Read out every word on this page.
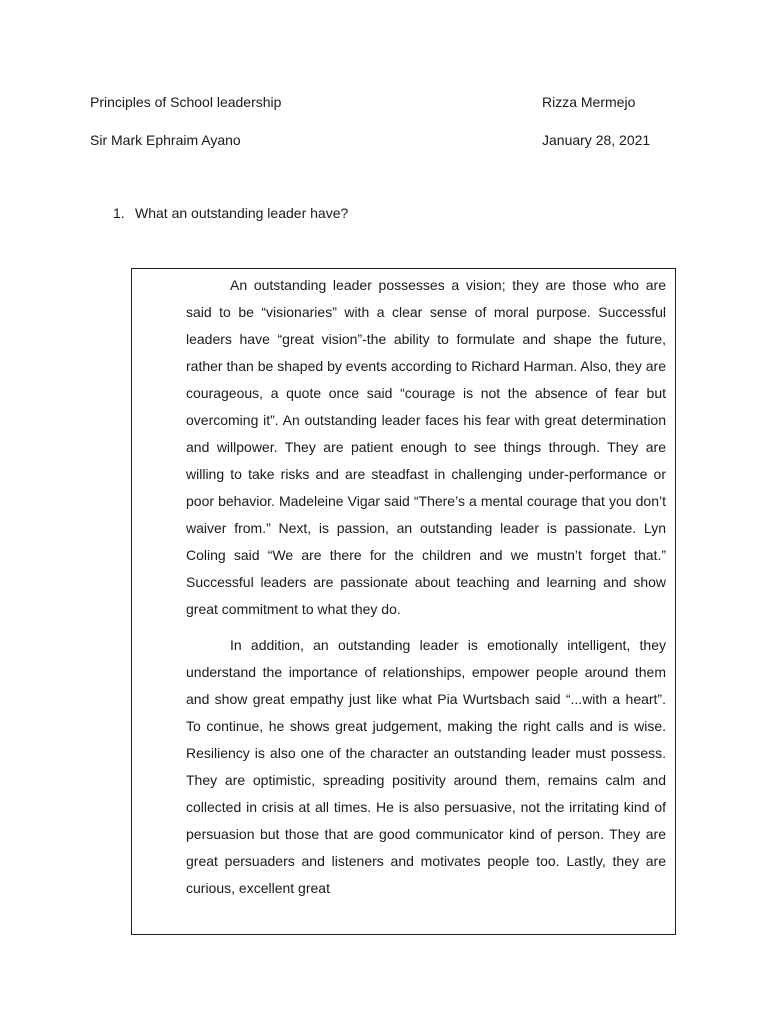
Principles of School leadership	Rizza Mermejo
Sir Mark Ephraim Ayano	January 28, 2021
1. What an outstanding leader have?

An outstanding leader possesses a vision; they are those who are said to be “visionaries” with a clear sense of moral purpose. Successful leaders have “great vision”-the ability to formulate and shape the future, rather than be shaped by events according to Richard Harman. Also, they are courageous, a quote once said “courage is not the absence of fear but overcoming it”. An outstanding leader faces his fear with great determination and willpower. They are patient enough to see things through. They are willing to take risks and are steadfast in challenging under-performance or poor behavior. Madeleine Vigar said “There’s a mental courage that you don’t waiver from.” Next, is passion, an outstanding leader is passionate. Lyn Coling said “We are there for the children and we mustn’t forget that.” Successful leaders are passionate about teaching and learning and show great commitment to what they do.

In addition, an outstanding leader is emotionally intelligent, they understand the importance of relationships, empower people around them and show great empathy just like what Pia Wurtsbach said “...with a heart”. To continue, he shows great judgement, making the right calls and is wise. Resiliency is also one of the character an outstanding leader must possess. They are optimistic, spreading positivity around them, remains calm and collected in crisis at all times. He is also persuasive, not the irritating kind of persuasion but those that are good communicator kind of person. They are great persuaders and listeners and motivates people too. Lastly, they are curious, excellent great
